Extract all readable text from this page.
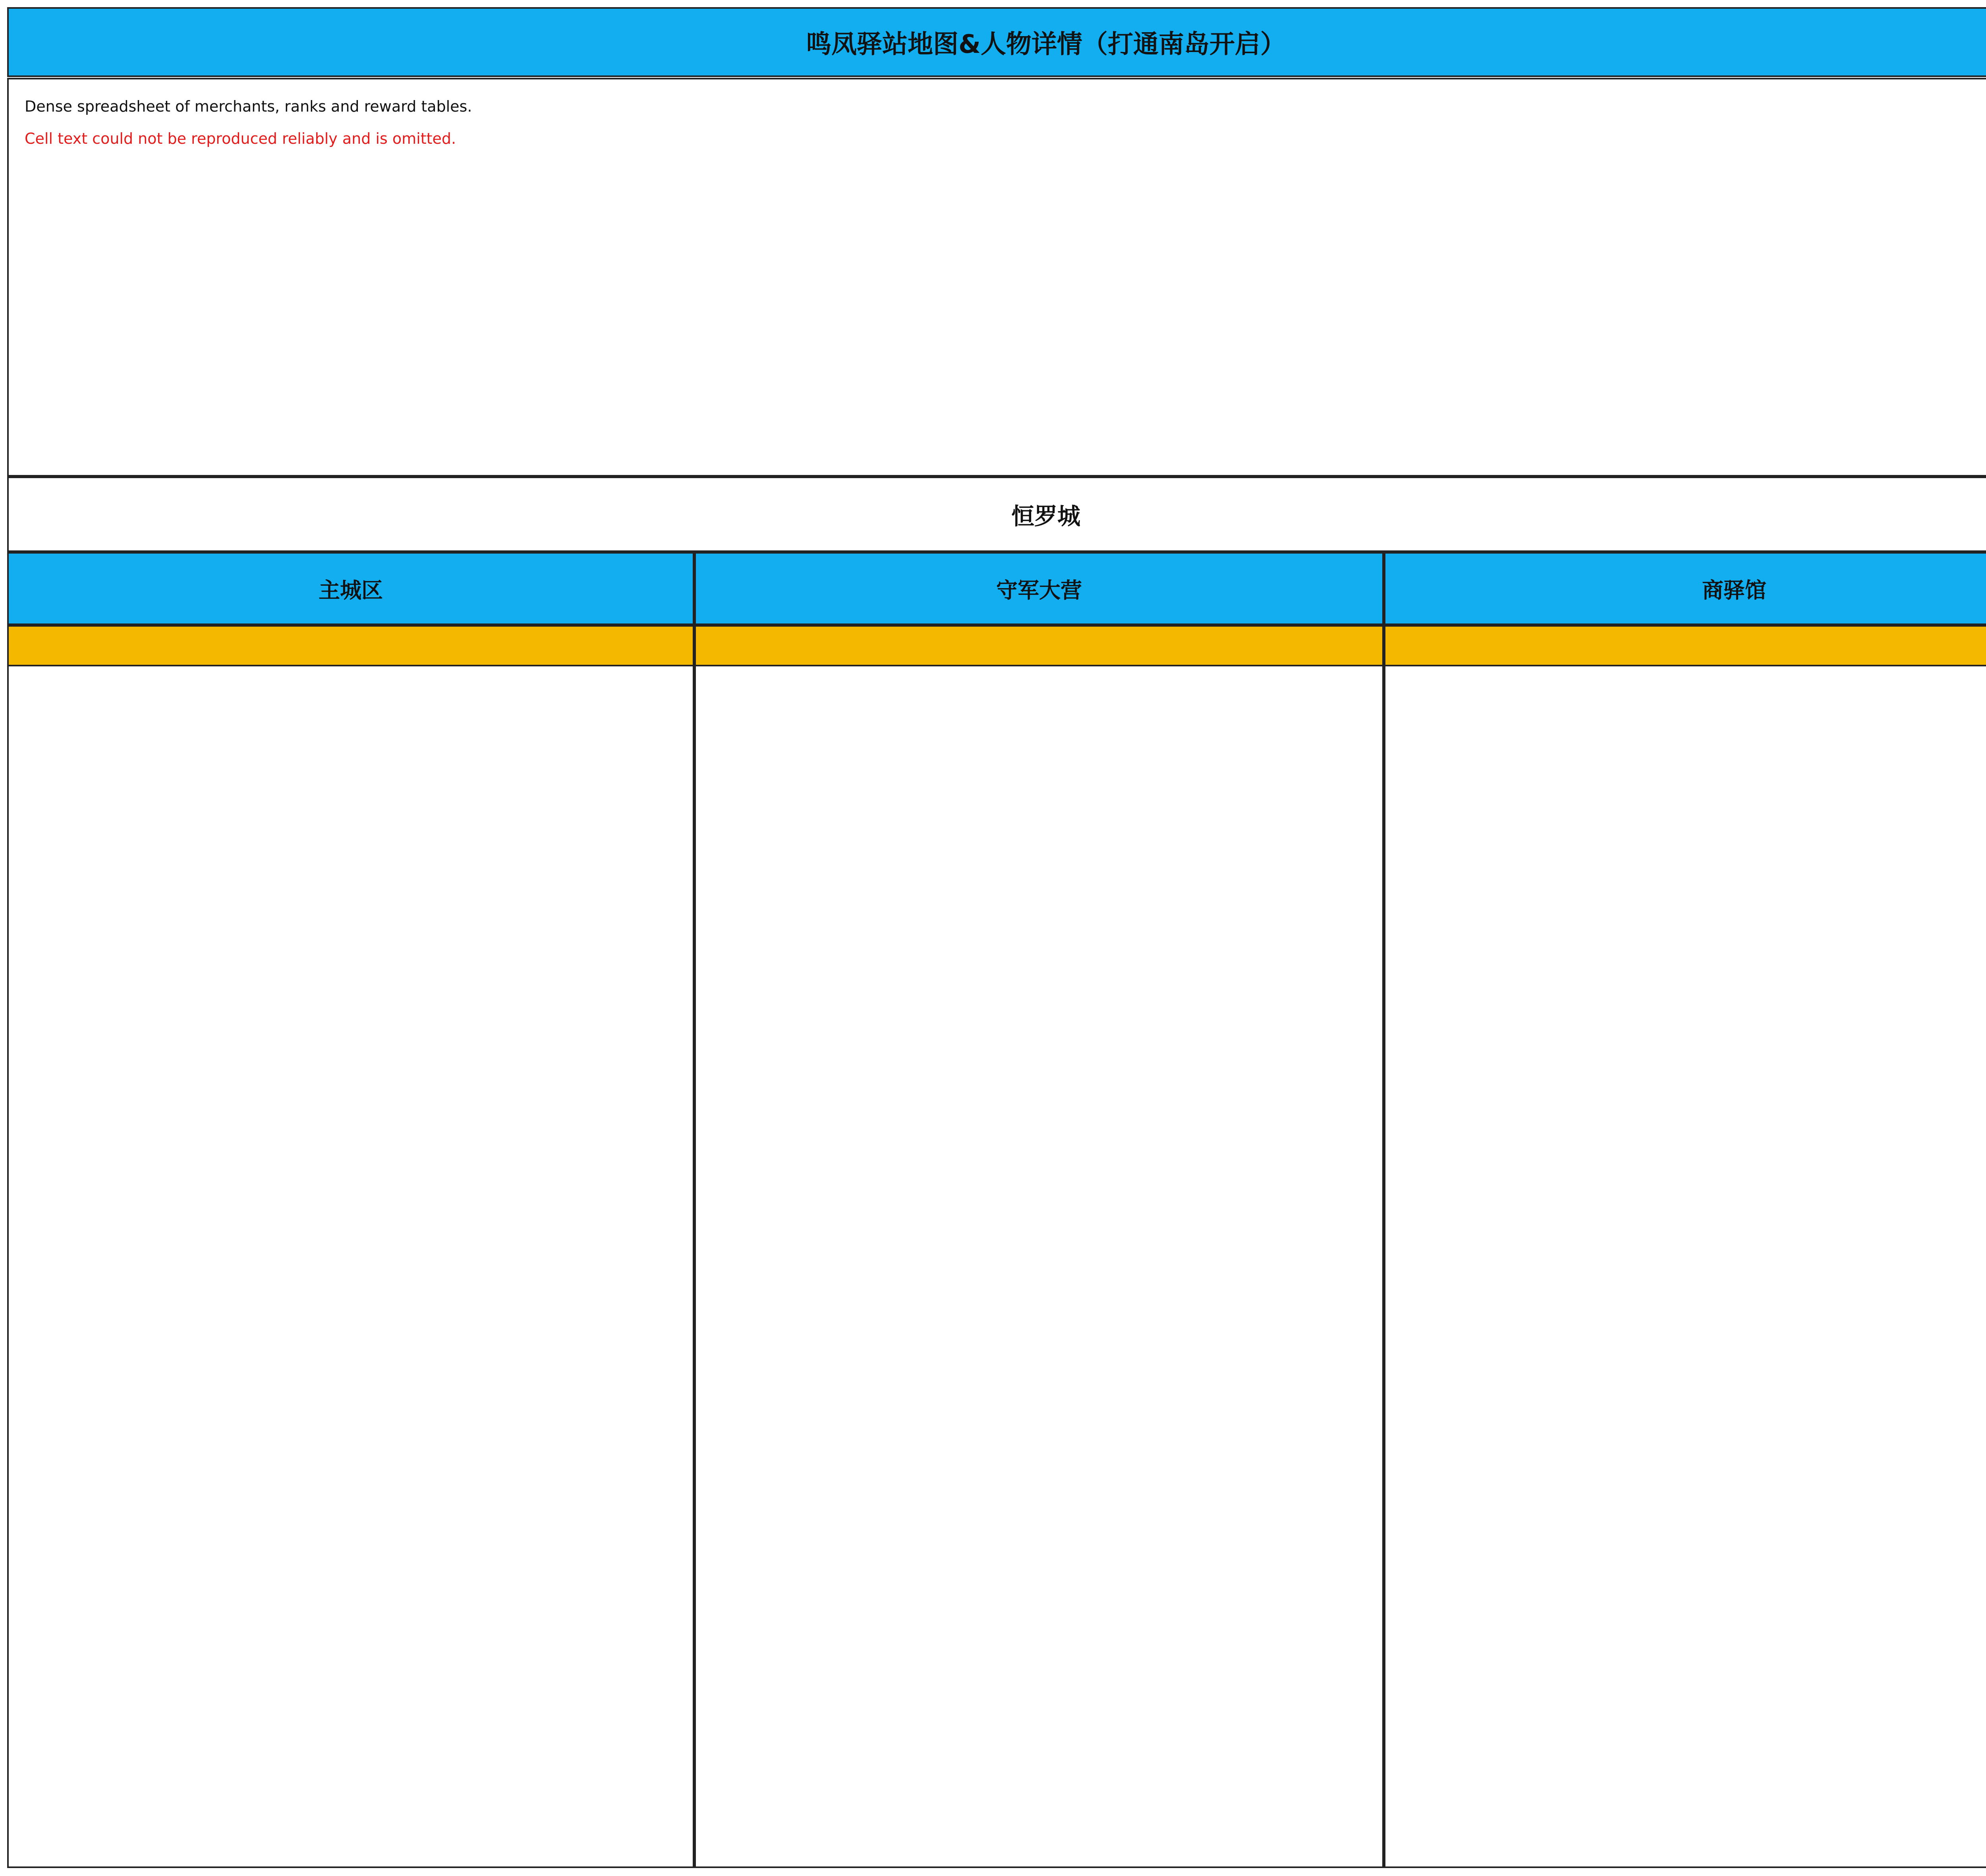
鸣凤驿站地图&人物详情（打通南岛开启）

Dense spreadsheet of merchants, ranks and reward tables.

Cell text could not be reproduced reliably and is omitted.

恒罗城
主城区	守军大营	商驿馆
